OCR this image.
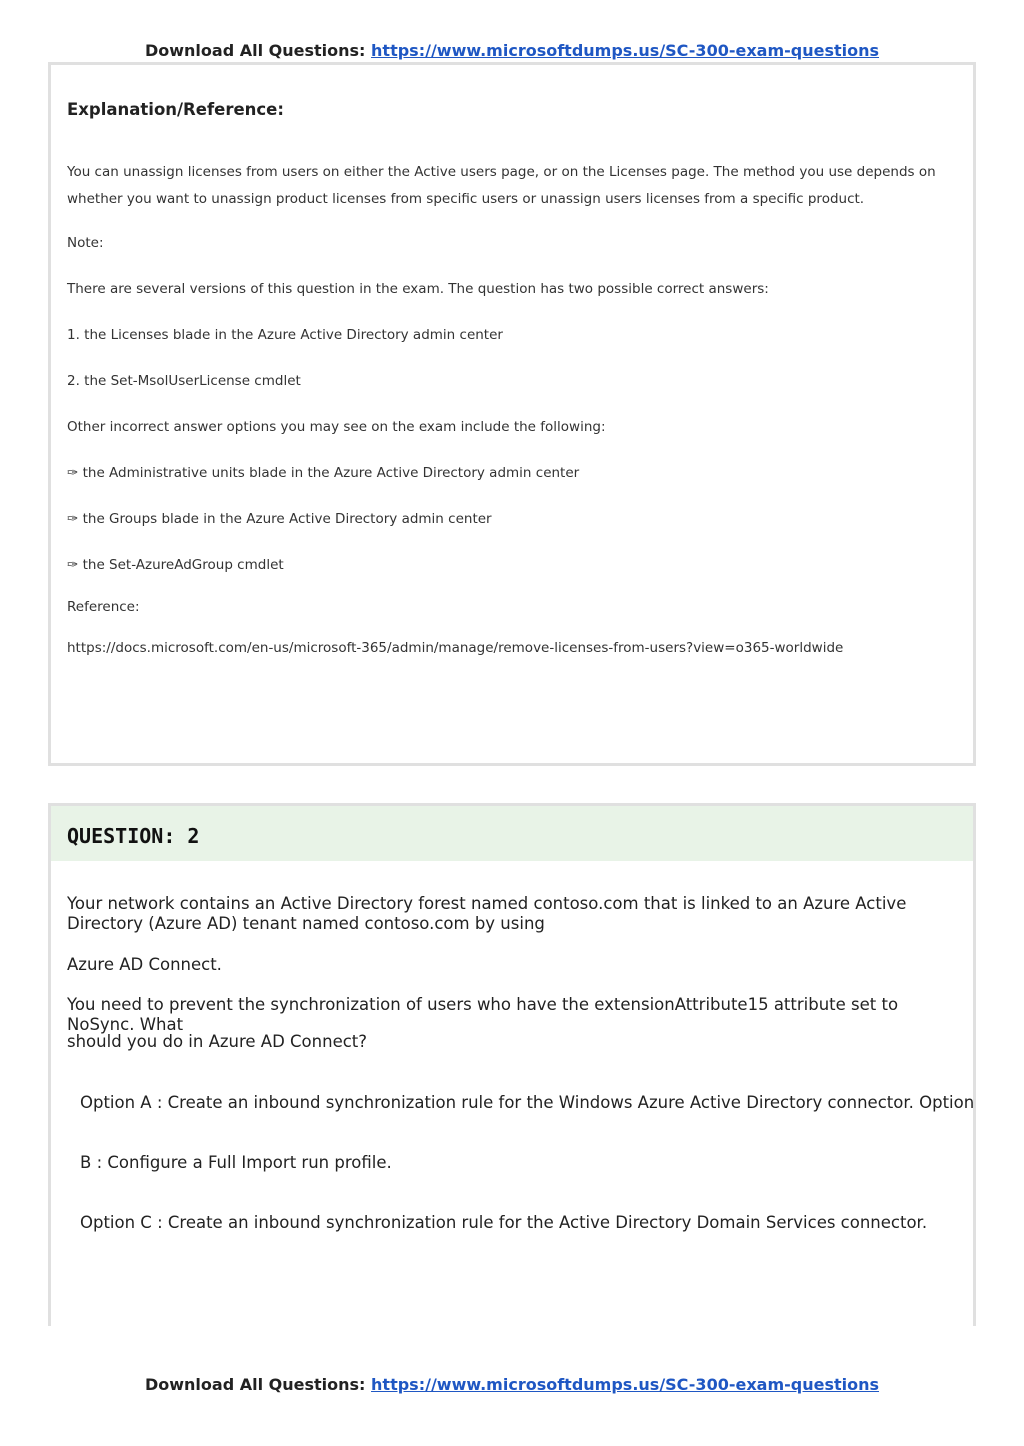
Download All Questions: https://www.microsoftdumps.us/SC-300-exam-questions
Explanation/Reference:
You can unassign licenses from users on either the Active users page, or on the Licenses page. The method you use depends on whether you want to unassign product licenses from specific users or unassign users licenses from a specific product.
Note:
There are several versions of this question in the exam. The question has two possible correct answers:
1. the Licenses blade in the Azure Active Directory admin center
2. the Set-MsolUserLicense cmdlet
Other incorrect answer options you may see on the exam include the following:
✑ the Administrative units blade in the Azure Active Directory admin center
✑ the Groups blade in the Azure Active Directory admin center
✑ the Set-AzureAdGroup cmdlet
Reference:
https://docs.microsoft.com/en-us/microsoft-365/admin/manage/remove-licenses-from-users?view=o365-worldwide
QUESTION: 2
Your network contains an Active Directory forest named contoso.com that is linked to an Azure Active Directory (Azure AD) tenant named contoso.com by using
Azure AD Connect.
You need to prevent the synchronization of users who have the extensionAttribute15 attribute set to NoSync. What
should you do in Azure AD Connect?
Option A : Create an inbound synchronization rule for the Windows Azure Active Directory connector. Option
B : Configure a Full Import run profile.
Option C : Create an inbound synchronization rule for the Active Directory Domain Services connector.
Download All Questions: https://www.microsoftdumps.us/SC-300-exam-questions
